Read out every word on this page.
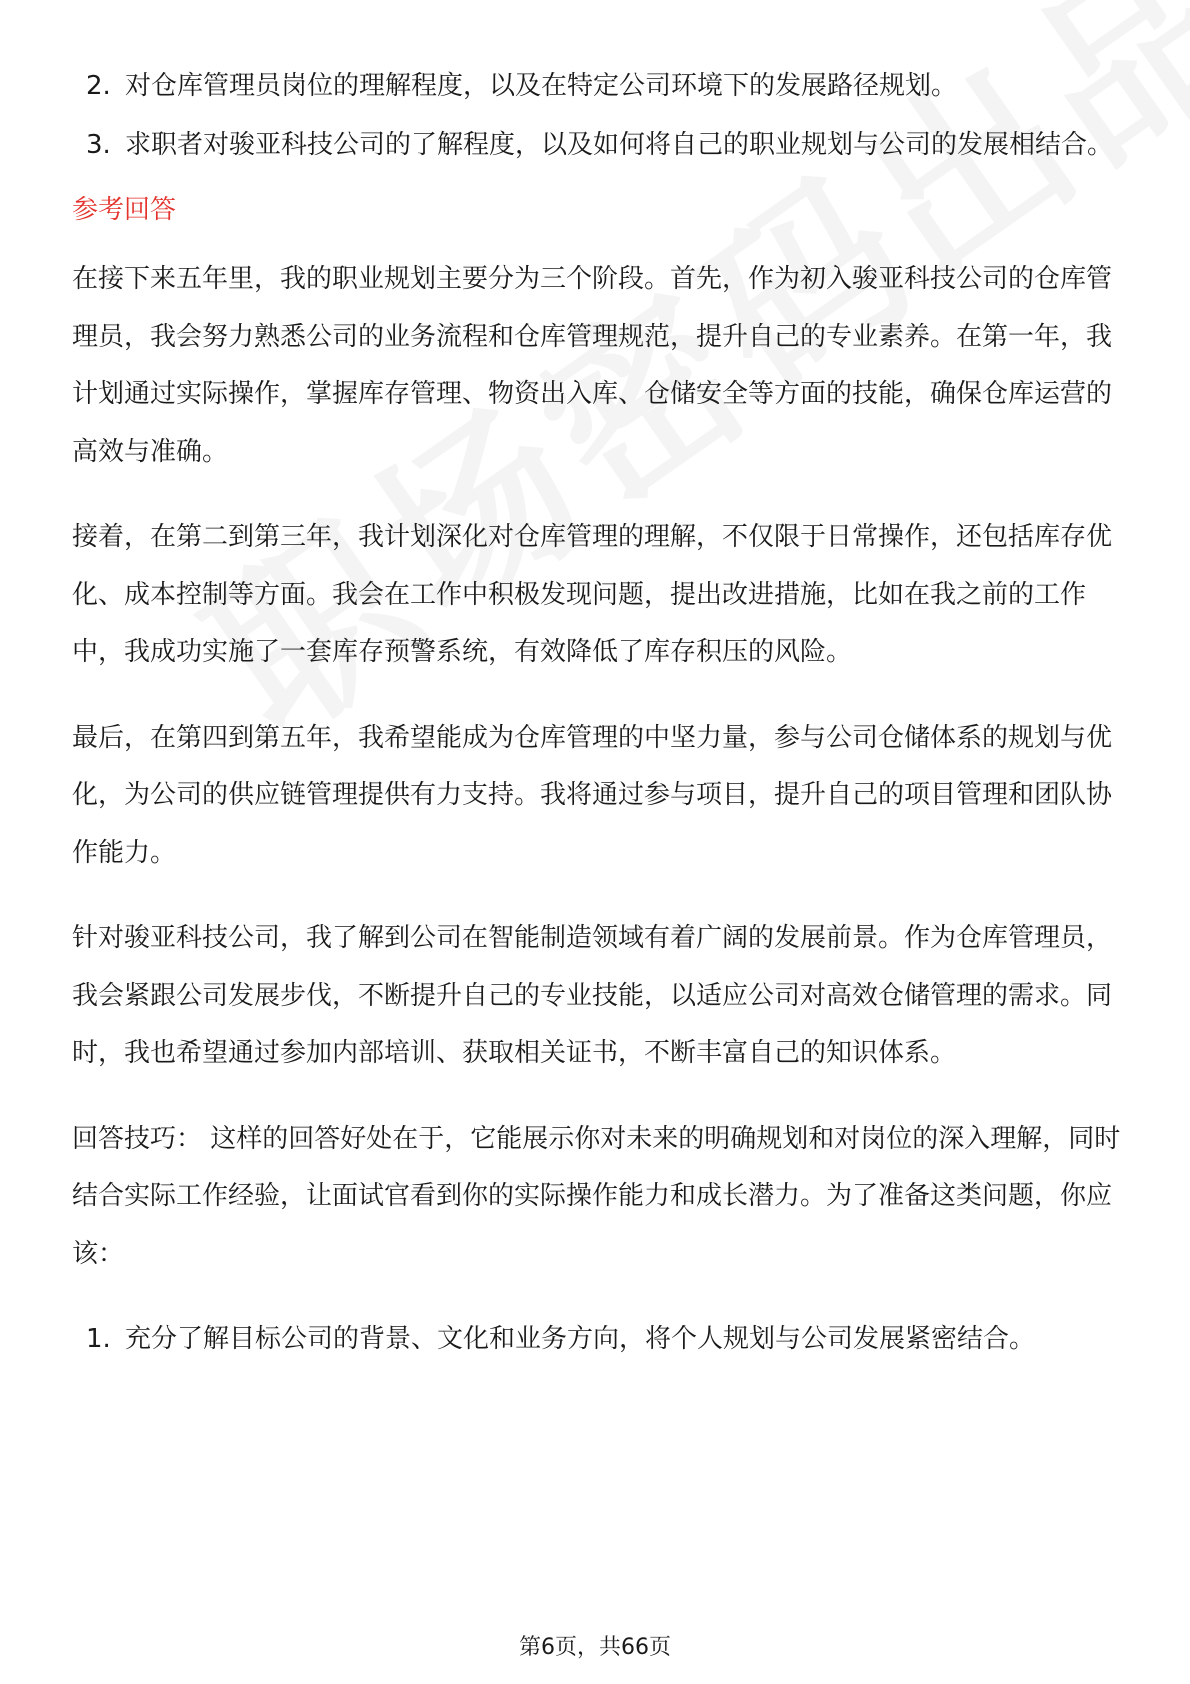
2. 对仓库管理员岗位的理解程度，以及在特定公司环境下的发展路径规划。
3. 求职者对骏亚科技公司的了解程度，以及如何将自己的职业规划与公司的发展相结合。
参考回答

在接下来五年里，我的职业规划主要分为三个阶段。首先，作为初入骏亚科技公司的仓库管理员，我会努力熟悉公司的业务流程和仓库管理规范，提升自己的专业素养。在第一年，我计划通过实际操作，掌握库存管理、物资出入库、仓储安全等方面的技能，确保仓库运营的高效与准确。

接着，在第二到第三年，我计划深化对仓库管理的理解，不仅限于日常操作，还包括库存优化、成本控制等方面。我会在工作中积极发现问题，提出改进措施，比如在我之前的工作中，我成功实施了一套库存预警系统，有效降低了库存积压的风险。

最后，在第四到第五年，我希望能成为仓库管理的中坚力量，参与公司仓储体系的规划与优化，为公司的供应链管理提供有力支持。我将通过参与项目，提升自己的项目管理和团队协作能力。

针对骏亚科技公司，我了解到公司在智能制造领域有着广阔的发展前景。作为仓库管理员，我会紧跟公司发展步伐，不断提升自己的专业技能，以适应公司对高效仓储管理的需求。同时，我也希望通过参加内部培训、获取相关证书，不断丰富自己的知识体系。

回答技巧： 这样的回答好处在于，它能展示你对未来的明确规划和对岗位的深入理解，同时结合实际工作经验，让面试官看到你的实际操作能力和成长潜力。为了准备这类问题，你应该：

1. 充分了解目标公司的背景、文化和业务方向，将个人规划与公司发展紧密结合。
第6页，共66页
